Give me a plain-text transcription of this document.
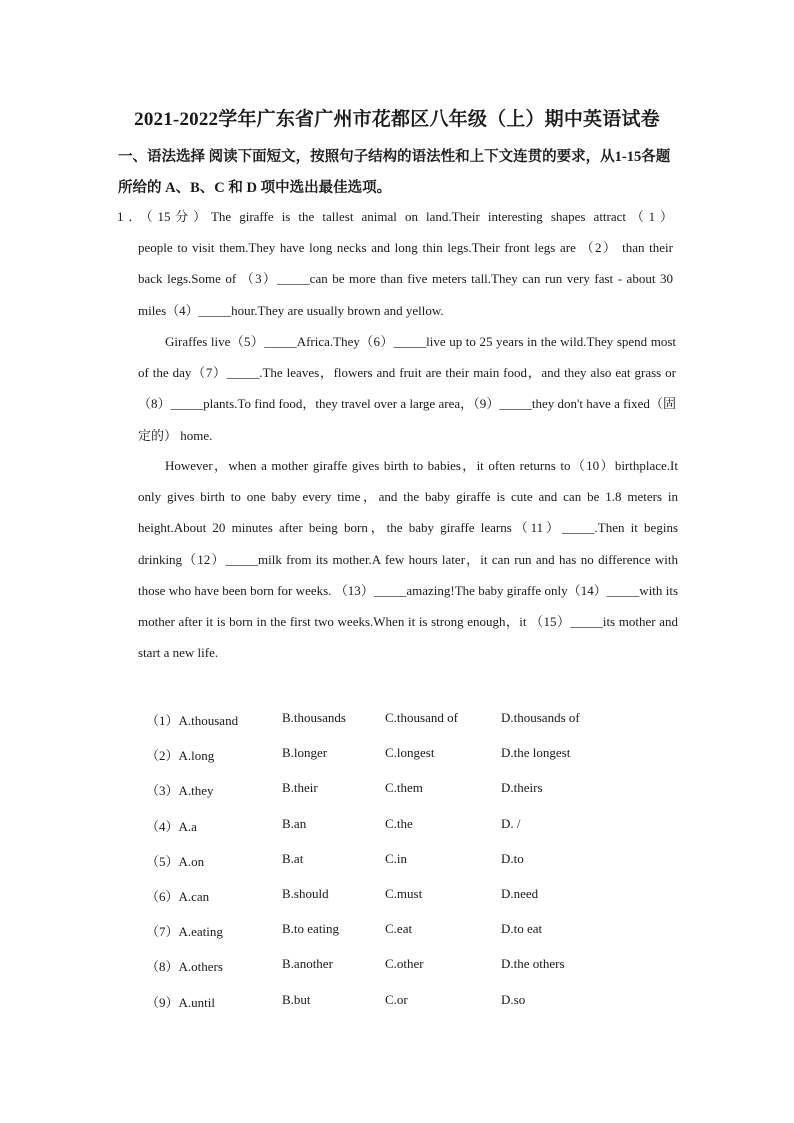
2021-2022学年广东省广州市花都区八年级（上）期中英语试卷
一、语法选择 阅读下面短文，按照句子结构的语法性和上下文连贯的要求，从1-15各题所给的 A、B、C 和 D 项中选出最佳选项。
1．（15分）The giraffe is the tallest animal on land.Their interesting shapes attract（1）
people to visit them.They have long necks and long thin legs.Their front legs are （2） than their back legs.Some of （3）_____can be more than five meters tall.They can run very fast - about 30 miles（4）_____hour.They are usually brown and yellow.
Giraffes live（5）_____Africa.They（6）_____live up to 25 years in the wild.They spend most of the day（7）_____.The leaves，flowers and fruit are their main food，and they also eat grass or（8）_____plants.To find food，they travel over a large area，（9）_____they don't have a fixed（固定的） home.
However，when a mother giraffe gives birth to babies，it often returns to（10）birthplace.It only gives birth to one baby every time，and the baby giraffe is cute and can be 1.8 meters in height.About 20 minutes after being born，the baby giraffe learns（11）_____.Then it begins drinking（12）_____milk from its mother.A few hours later，it can run and has no difference with those who have been born for weeks. （13）_____amazing!The baby giraffe only（14）_____with its mother after it is born in the first two weeks.When it is strong enough，it （15）_____its mother and start a new life.
（1）A.thousand	B.thousands	C.thousand of	D.thousands of
（2）A.long	B.longer	C.longest	D.the longest
（3）A.they	B.their	C.them	D.theirs
（4）A.a	B.an	C.the	D. /
（5）A.on	B.at	C.in	D.to
（6）A.can	B.should	C.must	D.need
（7）A.eating	B.to eating	C.eat	D.to eat
（8）A.others	B.another	C.other	D.the others
（9）A.until	B.but	C.or	D.so
